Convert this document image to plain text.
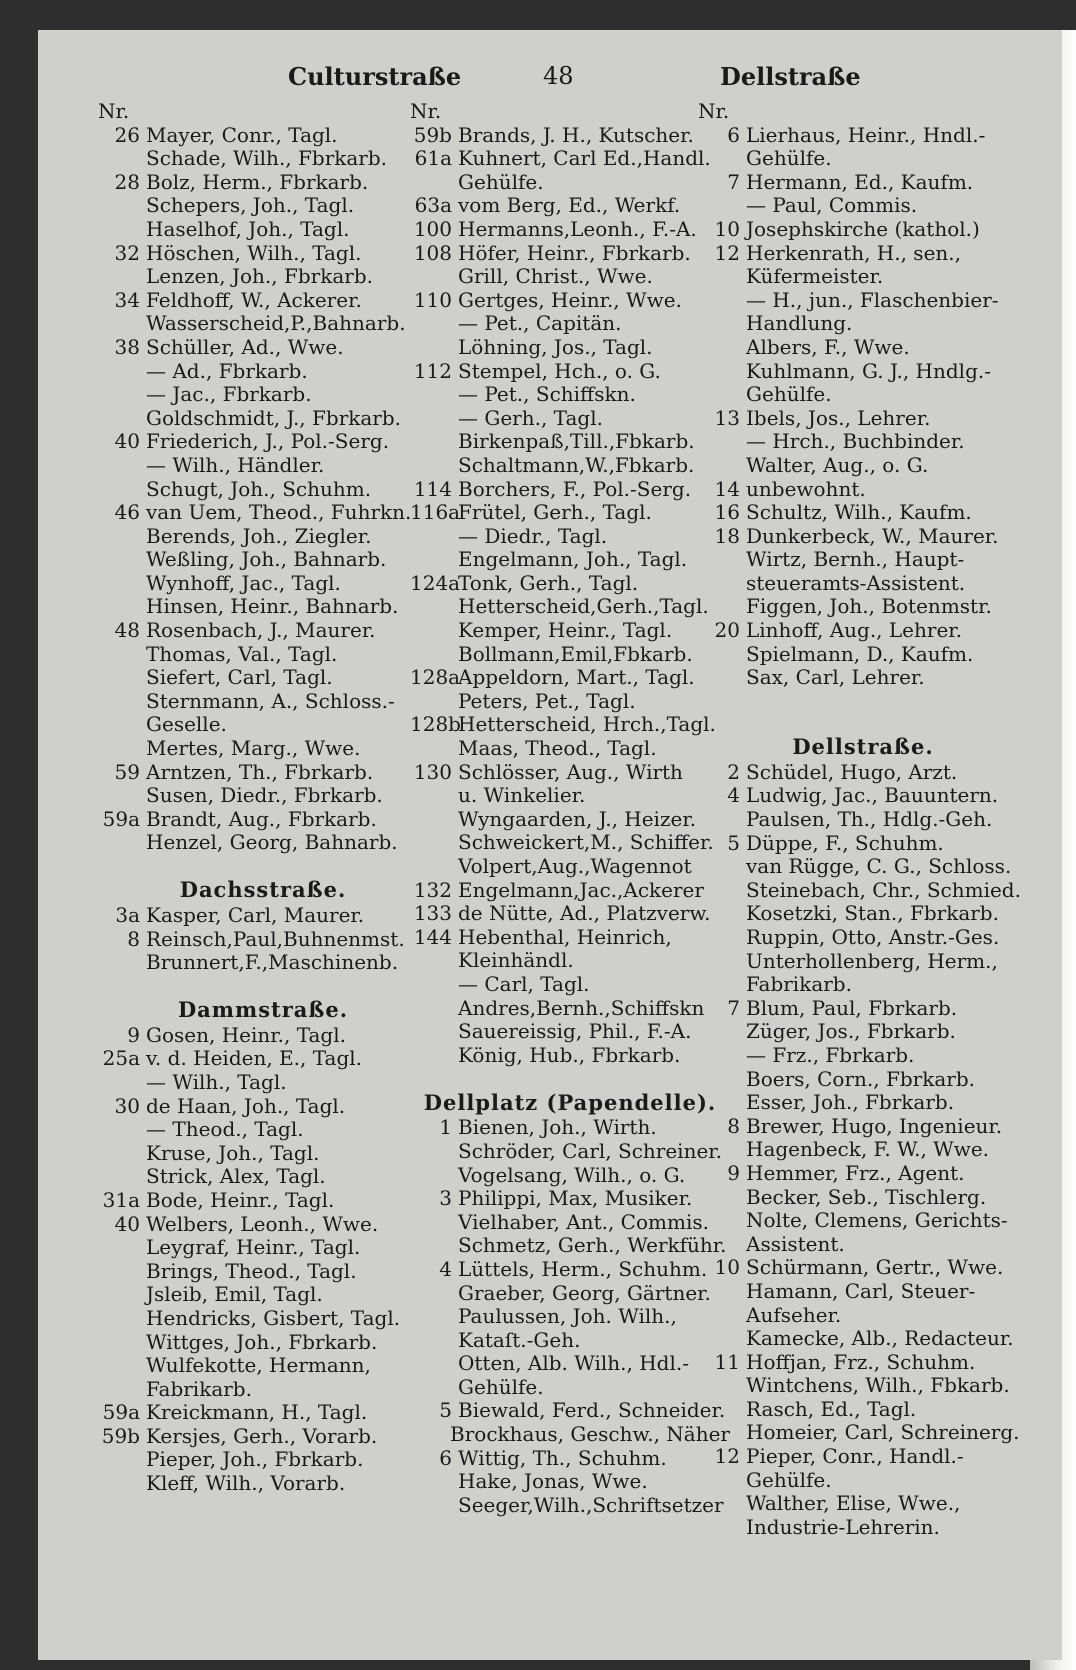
Culturstraße	48	Dellstraße
Nr.
26 Mayer, Conr., Tagl.
Schade, Wilh., Fbrkarb.
28 Bolz, Herm., Fbrkarb.
Schepers, Joh., Tagl.
Haselhof, Joh., Tagl.
32 Höschen, Wilh., Tagl.
Lenzen, Joh., Fbrkarb.
34 Feldhoff, W., Ackerer.
Wasserscheid,P.,Bahnarb.
38 Schüller, Ad., Wwe.
— Ad., Fbrkarb.
— Jac., Fbrkarb.
Goldschmidt, J., Fbrkarb.
40 Friederich, J., Pol.-Serg.
— Wilh., Händler.
Schugt, Joh., Schuhm.
46 van Uem, Theod., Fuhrkn.
Berends, Joh., Ziegler.
Weßling, Joh., Bahnarb.
Wynhoff, Jac., Tagl.
Hinsen, Heinr., Bahnarb.
48 Rosenbach, J., Maurer.
Thomas, Val., Tagl.
Siefert, Carl, Tagl.
Sternmann, A., Schloss.-
Geselle.
Mertes, Marg., Wwe.
59 Arntzen, Th., Fbrkarb.
Susen, Diedr., Fbrkarb.
59a Brandt, Aug., Fbrkarb.
Henzel, Georg, Bahnarb.
Dachsstraße.
3a Kasper, Carl, Maurer.
8 Reinsch,Paul,Buhnenmst.
Brunnert,F.,Maschinenb.
Dammstraße.
9 Gosen, Heinr., Tagl.
25a v. d. Heiden, E., Tagl.
— Wilh., Tagl.
30 de Haan, Joh., Tagl.
— Theod., Tagl.
Kruse, Joh., Tagl.
Strick, Alex, Tagl.
31a Bode, Heinr., Tagl.
40 Welbers, Leonh., Wwe.
Leygraf, Heinr., Tagl.
Brings, Theod., Tagl.
Jsleib, Emil, Tagl.
Hendricks, Gisbert, Tagl.
Wittges, Joh., Fbrkarb.
Wulfekotte, Hermann,
Fabrikarb.
59a Kreickmann, H., Tagl.
59b Kersjes, Gerh., Vorarb.
Pieper, Joh., Fbrkarb.
Kleff, Wilh., Vorarb.
Nr.
59b Brands, J. H., Kutscher.
61a Kuhnert, Carl Ed.,Handl.
Gehülfe.
63a vom Berg, Ed., Werkf.
100 Hermanns,Leonh., F.-A.
108 Höfer, Heinr., Fbrkarb.
Grill, Christ., Wwe.
110 Gertges, Heinr., Wwe.
— Pet., Capitän.
Löhning, Jos., Tagl.
112 Stempel, Hch., o. G.
— Pet., Schiffskn.
— Gerh., Tagl.
Birkenpaß,Till.,Fbkarb.
Schaltmann,W.,Fbkarb.
114 Borchers, F., Pol.-Serg.
116a
Frütel, Gerh., Tagl.
— Diedr., Tagl.
Engelmann, Joh., Tagl.
124a
Tonk, Gerh., Tagl.
Hetterscheid,Gerh.,Tagl.
Kemper, Heinr., Tagl.
Bollmann,Emil,Fbkarb.
128a
Appeldorn, Mart., Tagl.
Peters, Pet., Tagl.
128b
Hetterscheid, Hrch.,Tagl.
Maas, Theod., Tagl.
130 Schlösser, Aug., Wirth
u. Winkelier.
Wyngaarden, J., Heizer.
Schweickert,M., Schiffer.
Volpert,Aug.,Wagennot
132 Engelmann,Jac.,Ackerer
133 de Nütte, Ad., Platzverw.
144 Hebenthal, Heinrich,
Kleinhändl.
— Carl, Tagl.
Andres,Bernh.,Schiffskn
Sauereissig, Phil., F.-A.
König, Hub., Fbrkarb.
Dellplatz (Papendelle).
1 Bienen, Joh., Wirth.
Schröder, Carl, Schreiner.
Vogelsang, Wilh., o. G.
3 Philippi, Max, Musiker.
Vielhaber, Ant., Commis.
Schmetz, Gerh., Werkführ.
4 Lüttels, Herm., Schuhm.
Graeber, Georg, Gärtner.
Paulussen, Joh. Wilh.,
Kataſt.-Geh.
Otten, Alb. Wilh., Hdl.-
Gehülfe.
5 Biewald, Ferd., Schneider.
Brockhaus, Geschw., Näher
6 Wittig, Th., Schuhm.
Hake, Jonas, Wwe.
Seeger,Wilh.,Schriftsetzer
Nr.
6 Lierhaus, Heinr., Hndl.-
Gehülfe.
7 Hermann, Ed., Kaufm.
— Paul, Commis.
10 Josephskirche (kathol.)
12 Herkenrath, H., sen.,
Küfermeister.
— H., jun., Flaschenbier-
Handlung.
Albers, F., Wwe.
Kuhlmann, G. J., Hndlg.-
Gehülfe.
13 Ibels, Jos., Lehrer.
— Hrch., Buchbinder.
Walter, Aug., o. G.
14 unbewohnt.
16 Schultz, Wilh., Kaufm.
18 Dunkerbeck, W., Maurer.
Wirtz, Bernh., Haupt-
steueramts-Assistent.
Figgen, Joh., Botenmstr.
20 Linhoff, Aug., Lehrer.
Spielmann, D., Kaufm.
Sax, Carl, Lehrer.
Dellstraße.
2 Schüdel, Hugo, Arzt.
4 Ludwig, Jac., Bauuntern.
Paulsen, Th., Hdlg.-Geh.
5 Düppe, F., Schuhm.
van Rügge, C. G., Schloss.
Steinebach, Chr., Schmied.
Kosetzki, Stan., Fbrkarb.
Ruppin, Otto, Anstr.-Ges.
Unterhollenberg, Herm.,
Fabrikarb.
7 Blum, Paul, Fbrkarb.
Züger, Jos., Fbrkarb.
— Frz., Fbrkarb.
Boers, Corn., Fbrkarb.
Esser, Joh., Fbrkarb.
8 Brewer, Hugo, Ingenieur.
Hagenbeck, F. W., Wwe.
9 Hemmer, Frz., Agent.
Becker, Seb., Tischlerg.
Nolte, Clemens, Gerichts-
Assistent.
10 Schürmann, Gertr., Wwe.
Hamann, Carl, Steuer-
Aufseher.
Kamecke, Alb., Redacteur.
11 Hoffjan, Frz., Schuhm.
Wintchens, Wilh., Fbkarb.
Rasch, Ed., Tagl.
Homeier, Carl, Schreinerg.
12 Pieper, Conr., Handl.-
Gehülfe.
Walther, Elise, Wwe.,
Industrie-Lehrerin.
